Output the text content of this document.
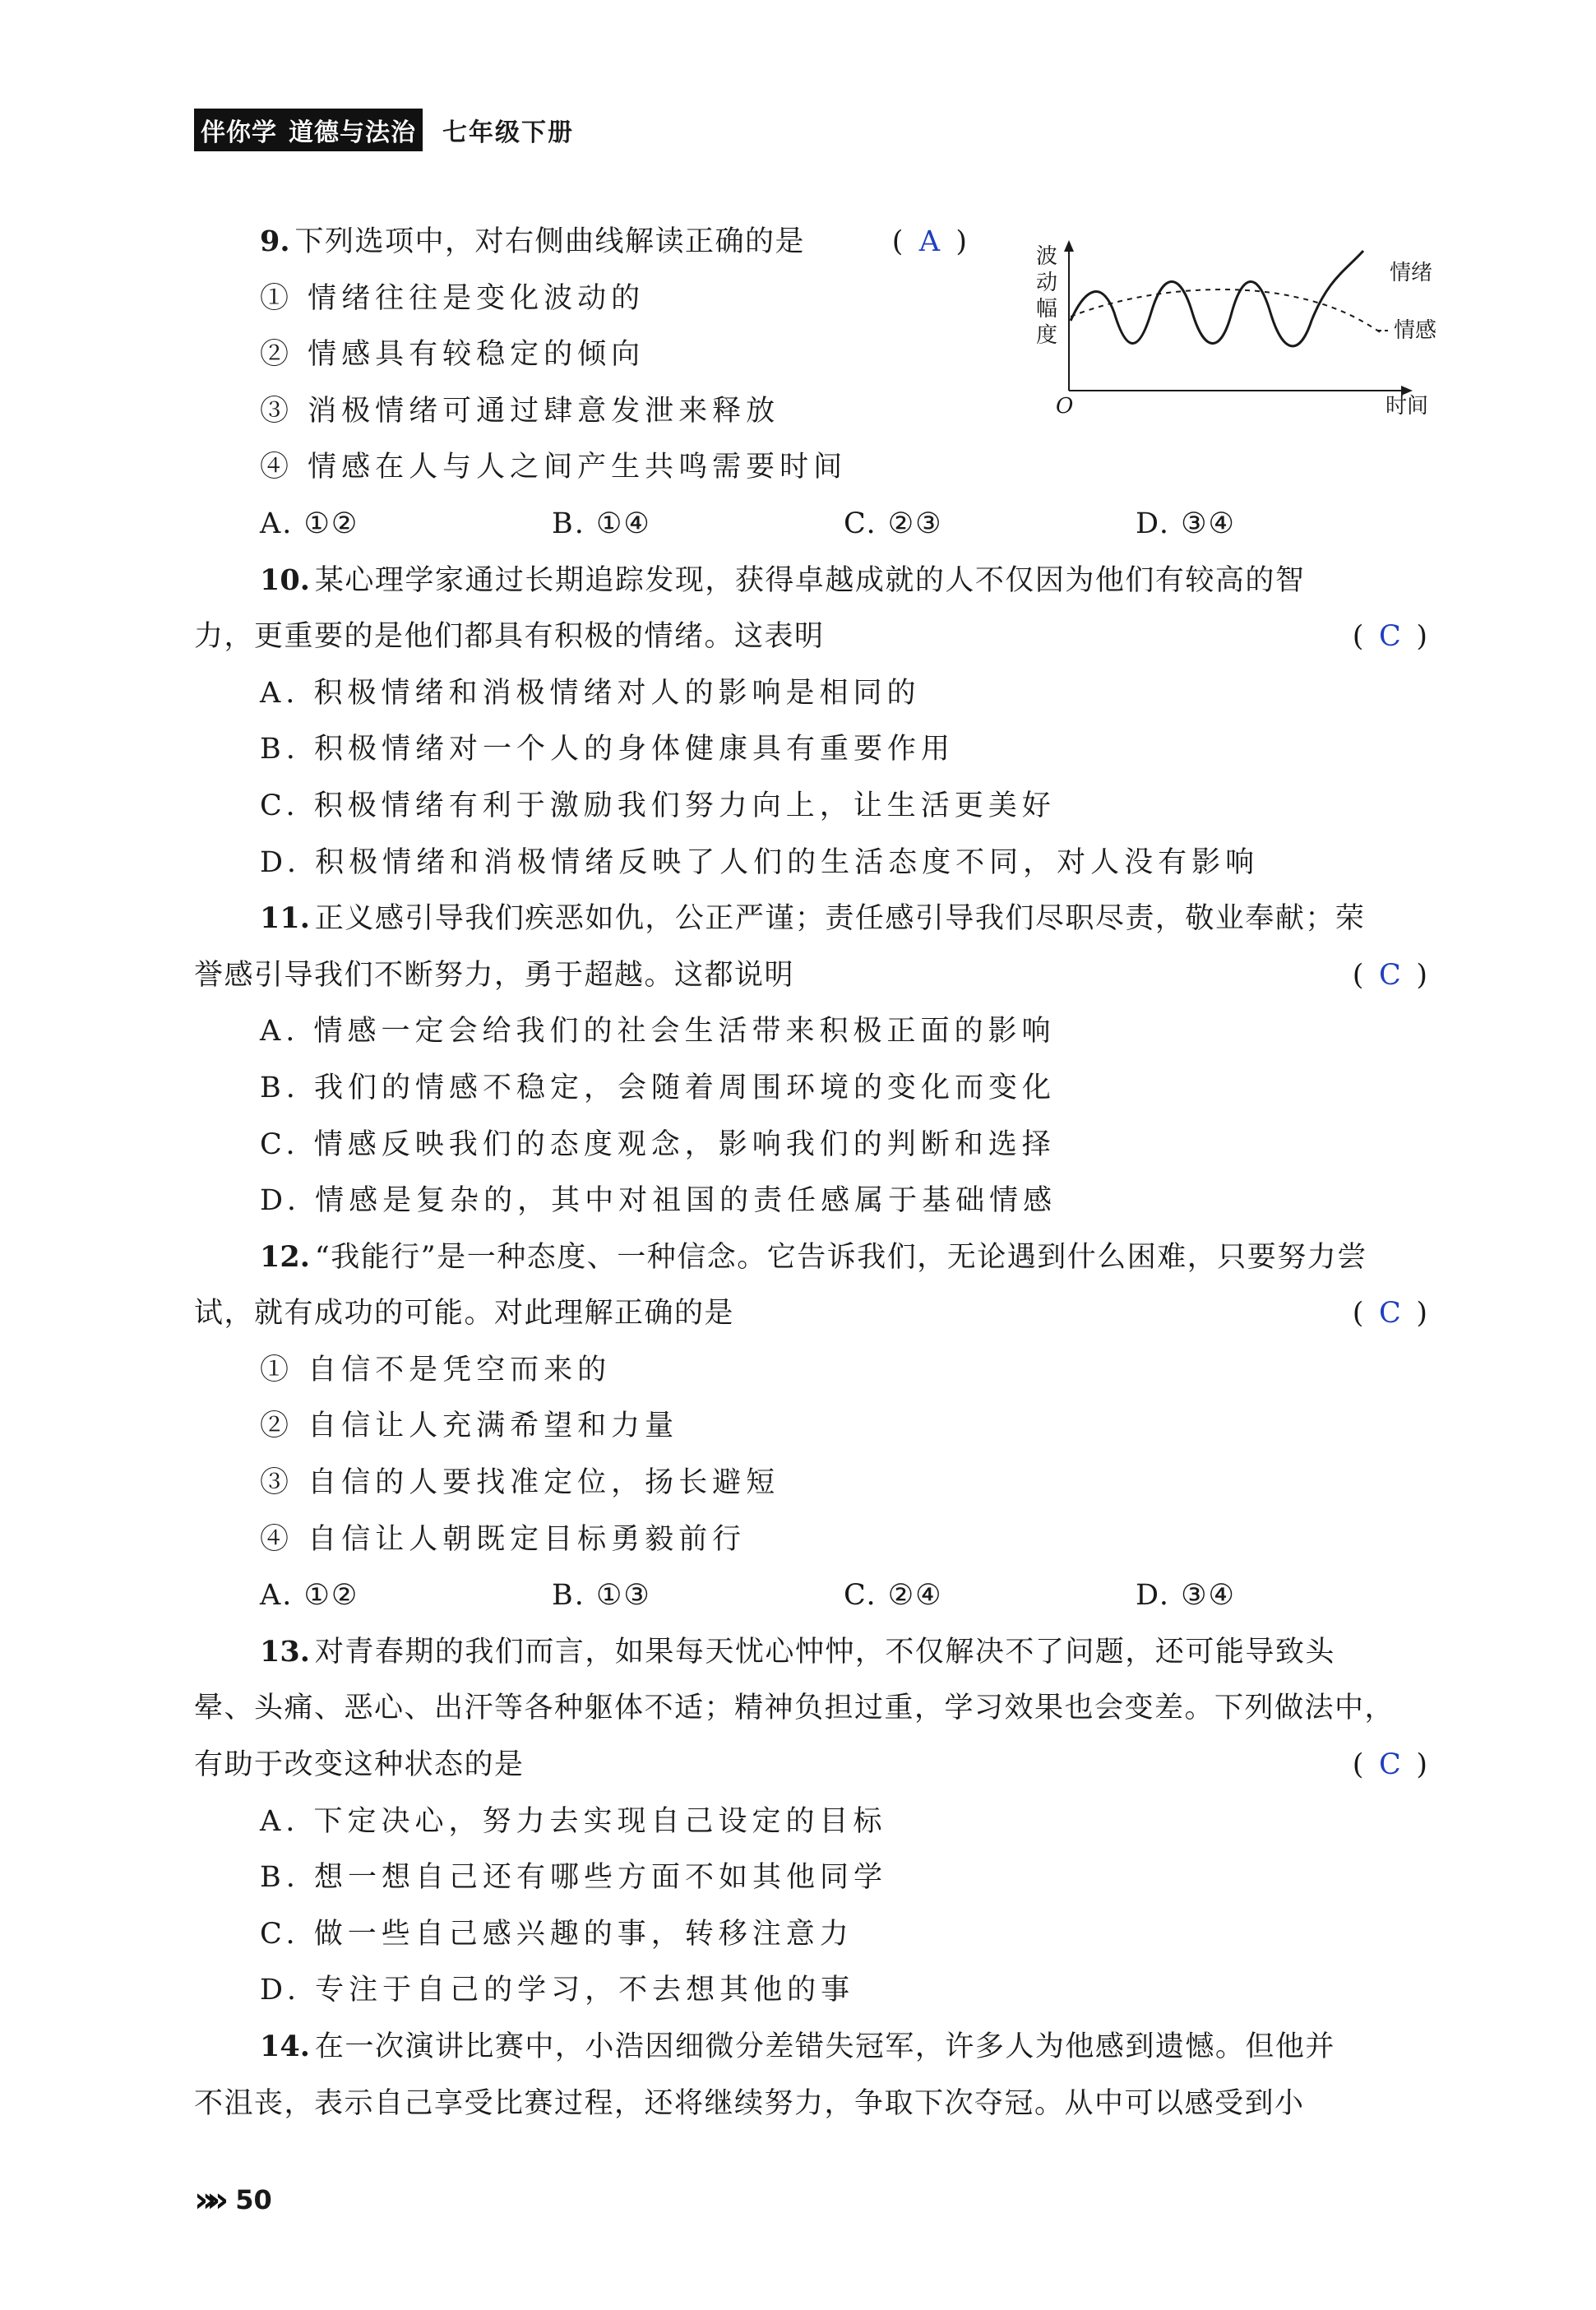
伴你学 道德与法治 七年级下册
波
动
幅
度
O	时间
情绪
情感
9. 下列选项中，对右侧曲线解读正确的是	( A )
① 情绪往往是变化波动的
② 情感具有较稳定的倾向
③ 消极情绪可通过肆意发泄来释放
④ 情感在人与人之间产生共鸣需要时间
A. ①②	B. ①④	C. ②③	D. ③④
10. 某心理学家通过长期追踪发现，获得卓越成就的人不仅因为他们有较高的智
力，更重要的是他们都具有积极的情绪。这表明	( C )
A. 积极情绪和消极情绪对人的影响是相同的
B. 积极情绪对一个人的身体健康具有重要作用
C. 积极情绪有利于激励我们努力向上，让生活更美好
D. 积极情绪和消极情绪反映了人们的生活态度不同，对人没有影响
11. 正义感引导我们疾恶如仇，公正严谨；责任感引导我们尽职尽责，敬业奉献；荣
誉感引导我们不断努力，勇于超越。这都说明	( C )
A. 情感一定会给我们的社会生活带来积极正面的影响
B. 我们的情感不稳定，会随着周围环境的变化而变化
C. 情感反映我们的态度观念，影响我们的判断和选择
D. 情感是复杂的，其中对祖国的责任感属于基础情感
12. “我能行”是一种态度、一种信念。它告诉我们，无论遇到什么困难，只要努力尝
试，就有成功的可能。对此理解正确的是	( C )
① 自信不是凭空而来的
② 自信让人充满希望和力量
③ 自信的人要找准定位，扬长避短
④ 自信让人朝既定目标勇毅前行
A. ①②	B. ①③	C. ②④	D. ③④
13. 对青春期的我们而言，如果每天忧心忡忡，不仅解决不了问题，还可能导致头
晕、头痛、恶心、出汗等各种躯体不适；精神负担过重，学习效果也会变差。下列做法中，
有助于改变这种状态的是	( C )
A. 下定决心，努力去实现自己设定的目标
B. 想一想自己还有哪些方面不如其他同学
C. 做一些自己感兴趣的事，转移注意力
D. 专注于自己的学习，不去想其他的事
14. 在一次演讲比赛中，小浩因细微分差错失冠军，许多人为他感到遗憾。但他并
不沮丧，表示自己享受比赛过程，还将继续努力，争取下次夺冠。从中可以感受到小
»» 50
